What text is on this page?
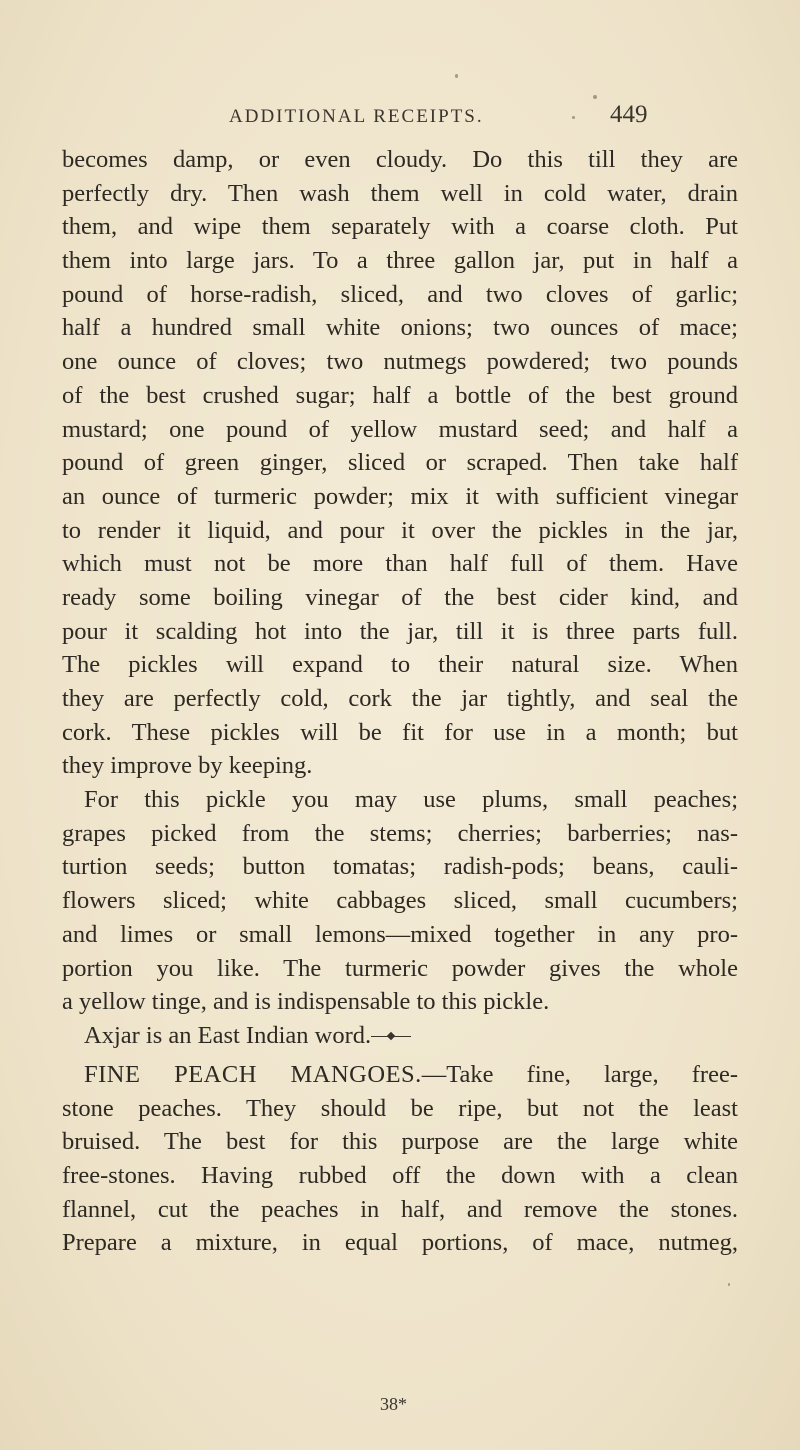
ADDITIONAL RECEIPTS.	449
becomes damp, or even cloudy. Do this till they are
perfectly dry. Then wash them well in cold water, drain
them, and wipe them separately with a coarse cloth. Put
them into large jars. To a three gallon jar, put in half a
pound of horse-radish, sliced, and two cloves of garlic;
half a hundred small white onions; two ounces of mace;
one ounce of cloves; two nutmegs powdered; two pounds
of the best crushed sugar; half a bottle of the best ground
mustard; one pound of yellow mustard seed; and half a
pound of green ginger, sliced or scraped. Then take half
an ounce of turmeric powder; mix it with sufficient vinegar
to render it liquid, and pour it over the pickles in the jar,
which must not be more than half full of them. Have
ready some boiling vinegar of the best cider kind, and
pour it scalding hot into the jar, till it is three parts full.
The pickles will expand to their natural size. When
they are perfectly cold, cork the jar tightly, and seal the
cork. These pickles will be fit for use in a month; but
they improve by keeping.
For this pickle you may use plums, small peaches;
grapes picked from the stems; cherries; barberries; nas-
turtion seeds; button tomatas; radish-pods; beans, cauli-
flowers sliced; white cabbages sliced, small cucumbers;
and limes or small lemons—mixed together in any pro-
portion you like. The turmeric powder gives the whole
a yellow tinge, and is indispensable to this pickle.
Axjar is an East Indian word.
FINE PEACH MANGOES.—Take fine, large, free-
stone peaches. They should be ripe, but not the least
bruised. The best for this purpose are the large white
free-stones. Having rubbed off the down with a clean
flannel, cut the peaches in half, and remove the stones.
Prepare a mixture, in equal portions, of mace, nutmeg,
38*
